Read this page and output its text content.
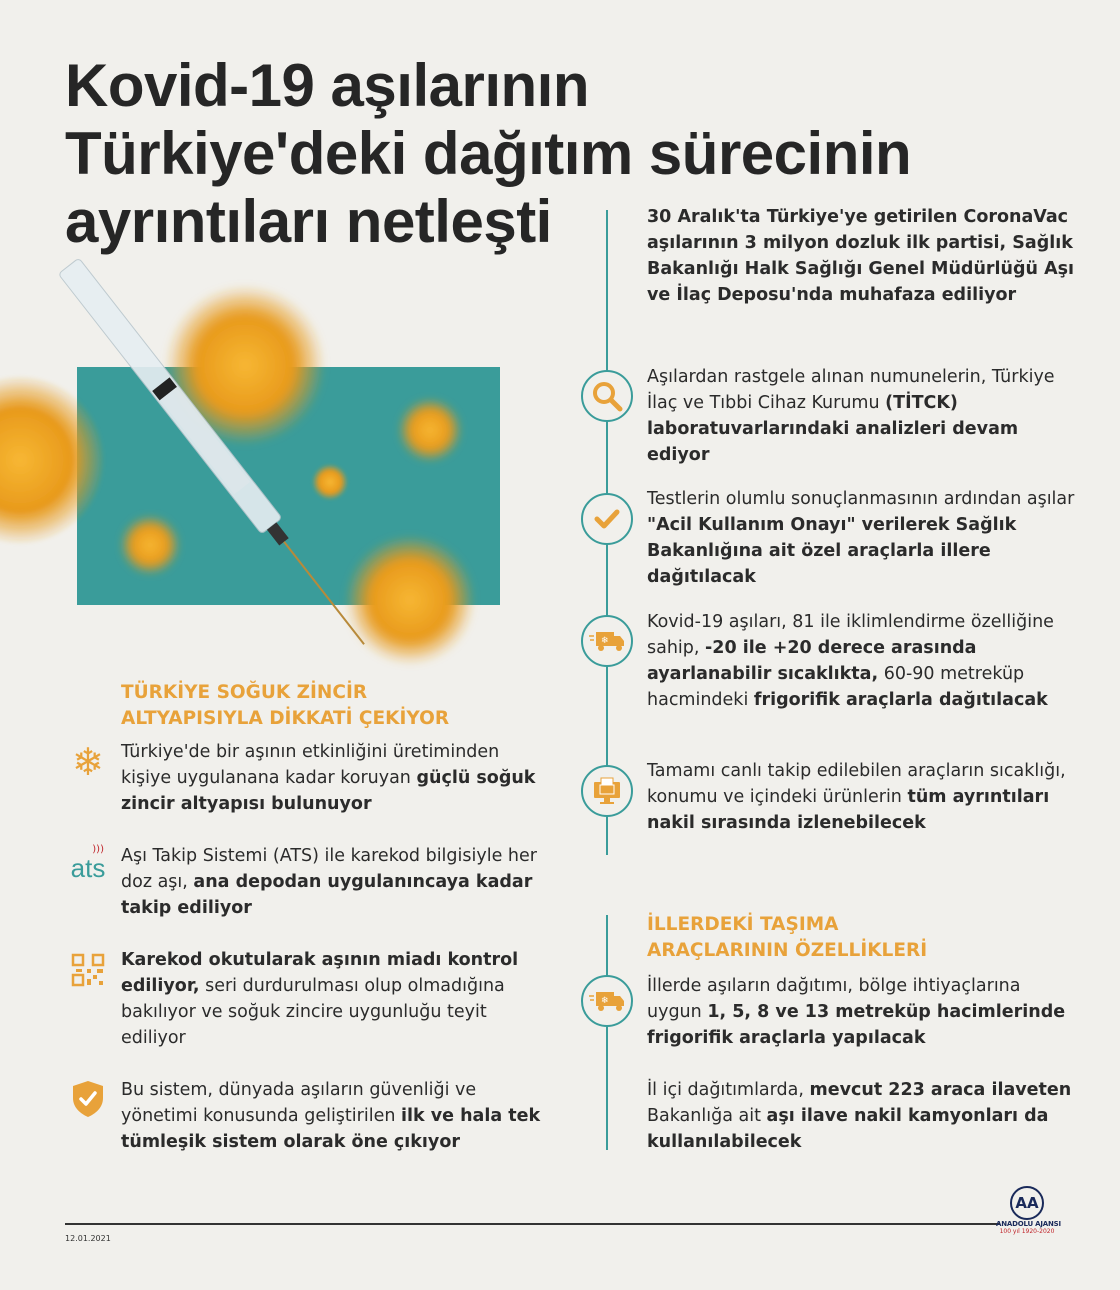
Kovid-19 aşılarının
Türkiye'deki dağıtım sürecinin
ayrıntıları netleşti	30 Aralık'ta Türkiye'ye getirilen CoronaVac aşılarının 3 milyon dozluk ilk partisi, Sağlık Bakanlığı Halk Sağlığı Genel Müdürlüğü Aşı ve İlaç Deposu'nda muhafaza ediliyor
Aşılardan rastgele alınan numunelerin, Türkiye İlaç ve Tıbbi Cihaz Kurumu (TİTCK) laboratuvarlarındaki analizleri devam ediyor
Testlerin olumlu sonuçlanmasının ardından aşılar "Acil Kullanım Onayı" verilerek Sağlık Bakanlığına ait özel araçlarla illere dağıtılacak
❄
Kovid-19 aşıları, 81 ile iklimlendirme özelliğine sahip, -20 ile +20 derece arasında ayarlanabilir sıcaklıkta, 60-90 metreküp hacmindeki frigorifik araçlarla dağıtılacak
Tamamı canlı takip edilebilen araçların sıcaklığı, konumu ve içindeki ürünlerin tüm ayrıntıları nakil sırasında izlenebilecek
İLLERDEKİ TAŞIMA
ARAÇLARININ ÖZELLİKLERİ
❄
İllerde aşıların dağıtımı, bölge ihtiyaçlarına uygun 1, 5, 8 ve 13 metreküp hacimlerinde frigorifik araçlarla yapılacak
İl içi dağıtımlarda, mevcut 223 araca ilaveten Bakanlığa ait aşı ilave nakil kamyonları da kullanılabilecek
TÜRKİYE SOĞUK ZİNCİR
ALTYAPISIYLA DİKKATİ ÇEKİYOR
❄ Türkiye'de bir aşının etkinliğini üretiminden kişiye uygulanana kadar koruyan güçlü soğuk zincir altyapısı bulunuyor
ats
))) Aşı Takip Sistemi (ATS) ile karekod bilgisiyle her doz aşı, ana depodan uygulanıncaya kadar takip ediliyor
Karekod okutularak aşının miadı kontrol ediliyor, seri durdurulması olup olmadığına bakılıyor ve soğuk zincire uygunluğu teyit ediliyor
Bu sistem, dünyada aşıların güvenliği ve yönetimi konusunda geliştirilen ilk ve hala tek tümleşik sistem olarak öne çıkıyor
12.01.2021
AA
ANADOLU AJANSI
100 yıl 1920-2020
